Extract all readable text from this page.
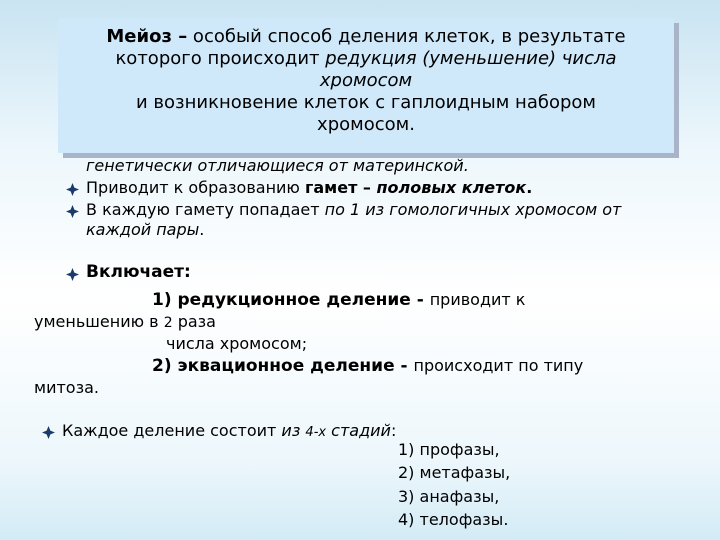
генетически отличающиеся от материнской.
Приводит к образованию гамет – половых клеток.
В каждую гамету попадает по 1 из гомологичных хромосом от
каждой пары.
Включает:
1) редукционное деление - приводит к
уменьшению в 2 раза
числа хромосом;
2) эквационное деление - происходит по типу
митоза.
Каждое деление состоит из 4-х стадий:
1) профазы,
2) метафазы,
3) анафазы,
4) телофазы.
Мейоз – особый способ деления клеток, в результате
которого происходит редукция (уменьшение) числа
хромосом
и возникновение клеток с гаплоидным набором
хромосом.
